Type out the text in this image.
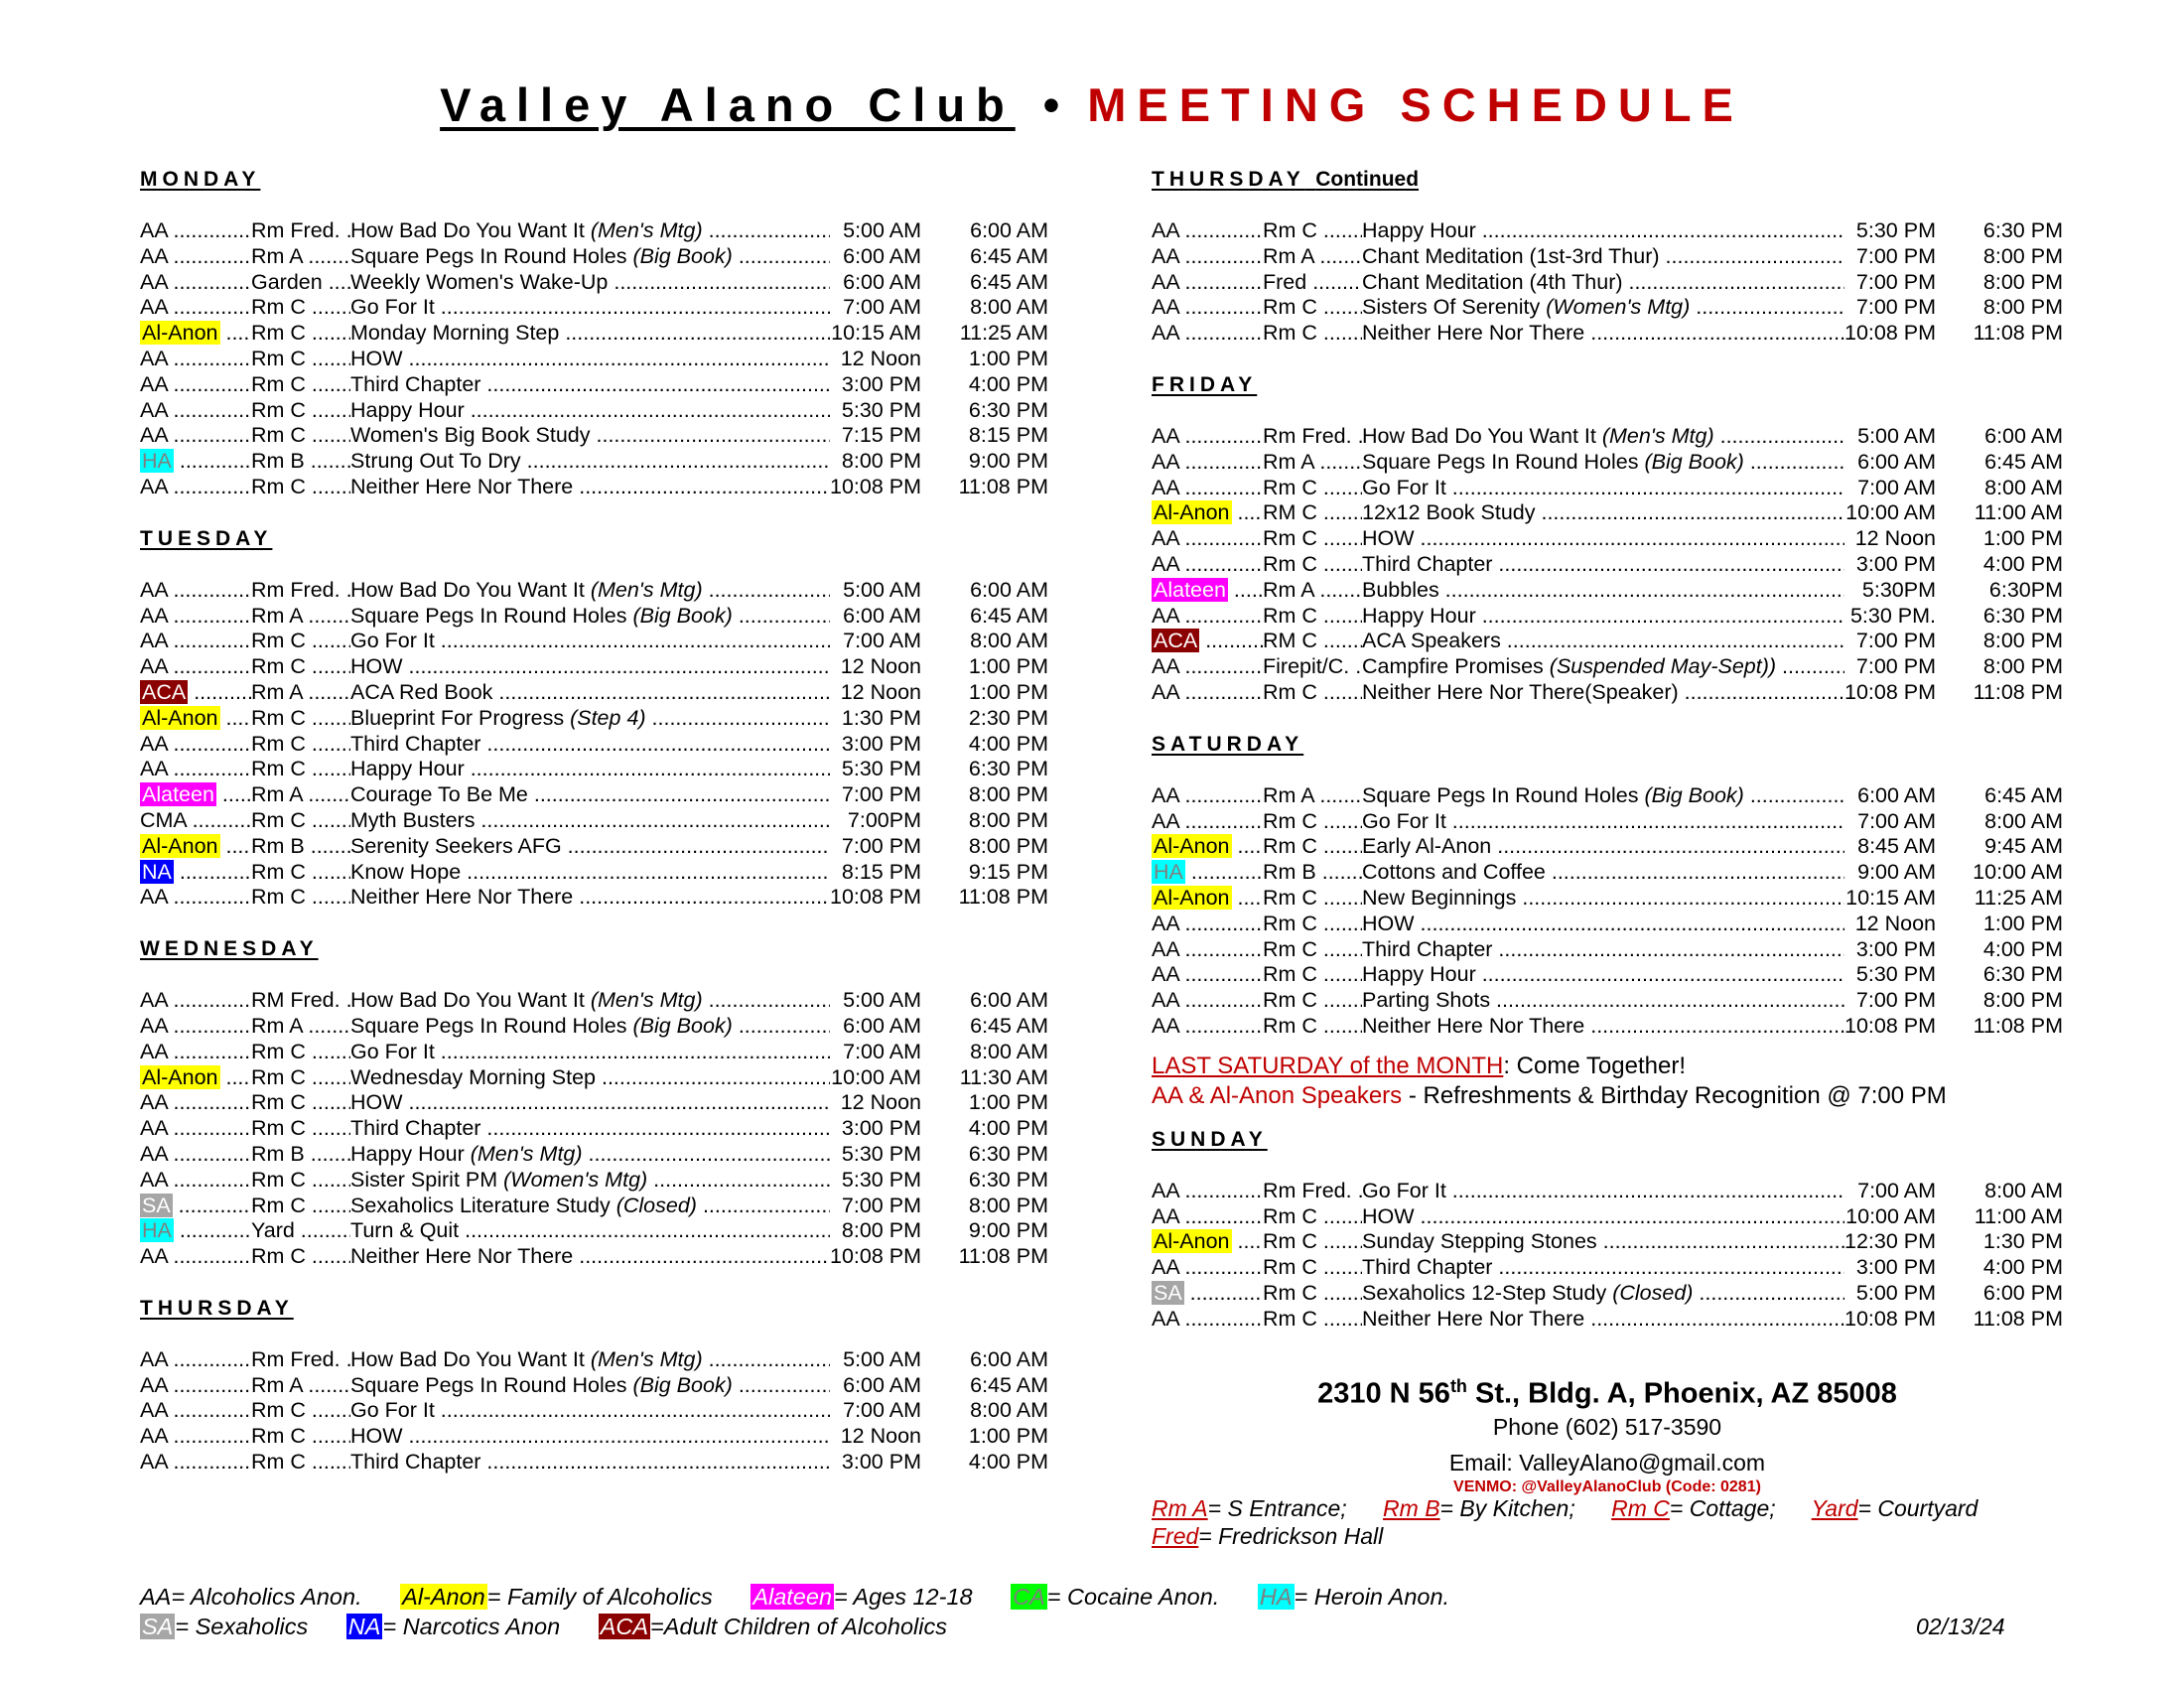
Valley Alano Club • MEETING SCHEDULE
MONDAY
AA .....	Rm Fred. ..... How Bad Do You Want It (Men's Mtg) .....	5:00 AM	6:00 AM
AA .....	Rm A .....	Square Pegs In Round Holes (Big Book) .....	6:00 AM	6:45 AM
AA .....	Garden .....	Weekly Women's Wake-Up .....	6:00 AM	6:45 AM
AA .....	Rm C .....	Go For It .....	7:00 AM	8:00 AM
Al-Anon .....	Rm C .....	Monday Morning Step .....	10:15 AM	11:25 AM
AA .....	Rm C .....	HOW .....	12 Noon	1:00 PM
AA .....	Rm C .....	Third Chapter .....	3:00 PM	4:00 PM
AA .....	Rm C .....	Happy Hour .....	5:30 PM	6:30 PM
AA .....	Rm C .....	Women's Big Book Study .....	7:15 PM	8:15 PM
HA .....	Rm B .....	Strung Out To Dry .....	8:00 PM	9:00 PM
AA .....	Rm C .....	Neither Here Nor There .....	10:08 PM	11:08 PM
TUESDAY
AA .....	Rm Fred. ..... How Bad Do You Want It (Men's Mtg) .....	5:00 AM	6:00 AM
AA .....	Rm A .....	Square Pegs In Round Holes (Big Book) .....	6:00 AM	6:45 AM
AA .....	Rm C .....	Go For It .....	7:00 AM	8:00 AM
AA .....	Rm C .....	HOW .....	12 Noon	1:00 PM
ACA .....	Rm A .....	ACA Red Book .....	12 Noon	1:00 PM
Al-Anon .....	Rm C .....	Blueprint For Progress (Step 4) .....	1:30 PM	2:30 PM
AA .....	Rm C .....	Third Chapter .....	3:00 PM	4:00 PM
AA .....	Rm C .....	Happy Hour .....	5:30 PM	6:30 PM
Alateen .....	Rm A .....	Courage To Be Me .....	7:00 PM	8:00 PM
CMA .....	Rm C .....	Myth Busters .....	7:00PM	8:00 PM
Al-Anon .....	Rm B .....	Serenity Seekers AFG .....	7:00 PM	8:00 PM
NA .....	Rm C .....	Know Hope .....	8:15 PM	9:15 PM
AA .....	Rm C .....	Neither Here Nor There .....	10:08 PM	11:08 PM
WEDNESDAY
AA .....	RM Fred. ..... How Bad Do You Want It (Men's Mtg) .....	5:00 AM	6:00 AM
AA .....	Rm A .....	Square Pegs In Round Holes (Big Book) .....	6:00 AM	6:45 AM
AA .....	Rm C .....	Go For It .....	7:00 AM	8:00 AM
Al-Anon .....	Rm C .....	Wednesday Morning Step .....	10:00 AM	11:30 AM
AA .....	Rm C .....	HOW .....	12 Noon	1:00 PM
AA .....	Rm C .....	Third Chapter .....	3:00 PM	4:00 PM
AA .....	Rm B .....	Happy Hour (Men's Mtg) .....	5:30 PM	6:30 PM
AA .....	Rm C .....	Sister Spirit PM (Women's Mtg) .....	5:30 PM	6:30 PM
SA .....	Rm C .....	Sexaholics Literature Study (Closed) .....	7:00 PM	8:00 PM
HA .....	Yard .....	Turn & Quit .....	8:00 PM	9:00 PM
AA .....	Rm C .....	Neither Here Nor There .....	10:08 PM	11:08 PM
THURSDAY
AA .....	Rm Fred. ..... How Bad Do You Want It (Men's Mtg) .....	5:00 AM	6:00 AM
AA .....	Rm A .....	Square Pegs In Round Holes (Big Book) .....	6:00 AM	6:45 AM
AA .....	Rm C .....	Go For It .....	7:00 AM	8:00 AM
AA .....	Rm C .....	HOW .....	12 Noon	1:00 PM
AA .....	Rm C .....	Third Chapter .....	3:00 PM	4:00 PM
THURSDAY Continued
AA .....	Rm C .....	Happy Hour .....	5:30 PM	6:30 PM
AA .....	Rm A .....	Chant Meditation (1st-3rd Thur) .....	7:00 PM	8:00 PM
AA .....	Fred .....	Chant Meditation (4th Thur) .....	7:00 PM	8:00 PM
AA .....	Rm C .....	Sisters Of Serenity (Women's Mtg) .....	7:00 PM	8:00 PM
AA .....	Rm C .....	Neither Here Nor There .....	10:08 PM	11:08 PM
FRIDAY
AA .....	Rm Fred. ..... How Bad Do You Want It (Men's Mtg) .....	5:00 AM	6:00 AM
AA .....	Rm A .....	Square Pegs In Round Holes (Big Book) .....	6:00 AM	6:45 AM
AA .....	Rm C .....	Go For It .....	7:00 AM	8:00 AM
Al-Anon .....	RM C .....	12x12 Book Study .....	10:00 AM	11:00 AM
AA .....	Rm C .....	HOW .....	12 Noon	1:00 PM
AA .....	Rm C .....	Third Chapter .....	3:00 PM	4:00 PM
Alateen .....	Rm A .....	Bubbles .....	5:30PM	6:30PM
AA .....	Rm C .....	Happy Hour .....	5:30 PM.	6:30 PM
ACA .....	RM C .....	ACA Speakers .....	7:00 PM	8:00 PM
AA .....	Firepit/C. ..... Campfire Promises (Suspended May-Sept)) .....	7:00 PM	8:00 PM
AA .....	Rm C .....	Neither Here Nor There(Speaker) .....	10:08 PM	11:08 PM
SATURDAY
AA .....	Rm A .....	Square Pegs In Round Holes (Big Book) .....	6:00 AM	6:45 AM
AA .....	Rm C .....	Go For It .....	7:00 AM	8:00 AM
Al-Anon .....	Rm C .....	Early Al-Anon .....	8:45 AM	9:45 AM
HA .....	Rm B .....	Cottons and Coffee .....	9:00 AM	10:00 AM
Al-Anon .....	Rm C .....	New Beginnings .....	10:15 AM	11:25 AM
AA .....	Rm C .....	HOW .....	12 Noon	1:00 PM
AA .....	Rm C .....	Third Chapter .....	3:00 PM	4:00 PM
AA .....	Rm C .....	Happy Hour .....	5:30 PM	6:30 PM
AA .....	Rm C .....	Parting Shots .....	7:00 PM	8:00 PM
AA .....	Rm C .....	Neither Here Nor There .....	10:08 PM	11:08 PM
LAST SATURDAY of the MONTH: Come Together!
AA & Al-Anon Speakers - Refreshments & Birthday Recognition @ 7:00 PM
SUNDAY
AA .....	Rm Fred. ..... Go For It .....	7:00 AM	8:00 AM
AA .....	Rm C .....	HOW .....	10:00 AM	11:00 AM
Al-Anon .....	Rm C .....	Sunday Stepping Stones .....	12:30 PM	1:30 PM
AA .....	Rm C .....	Third Chapter .....	3:00 PM	4:00 PM
SA .....	Rm C .....	Sexaholics 12-Step Study (Closed) .....	5:00 PM	6:00 PM
AA .....	Rm C .....	Neither Here Nor There .....	10:08 PM	11:08 PM
2310 N 56th St., Bldg. A, Phoenix, AZ 85008
Phone (602) 517-3590
Email: ValleyAlano@gmail.com
VENMO: @ValleyAlanoClub (Code: 0281)
Rm A= S Entrance; Rm B= By Kitchen; Rm C= Cottage; Yard= Courtyard
Fred= Fredrickson Hall
AA= Alcoholics Anon. Al-Anon= Family of Alcoholics Alateen= Ages 12-18 CA= Cocaine Anon. HA= Heroin Anon.
SA= Sexaholics NA= Narcotics Anon ACA=Adult Children of Alcoholics	02/13/24
